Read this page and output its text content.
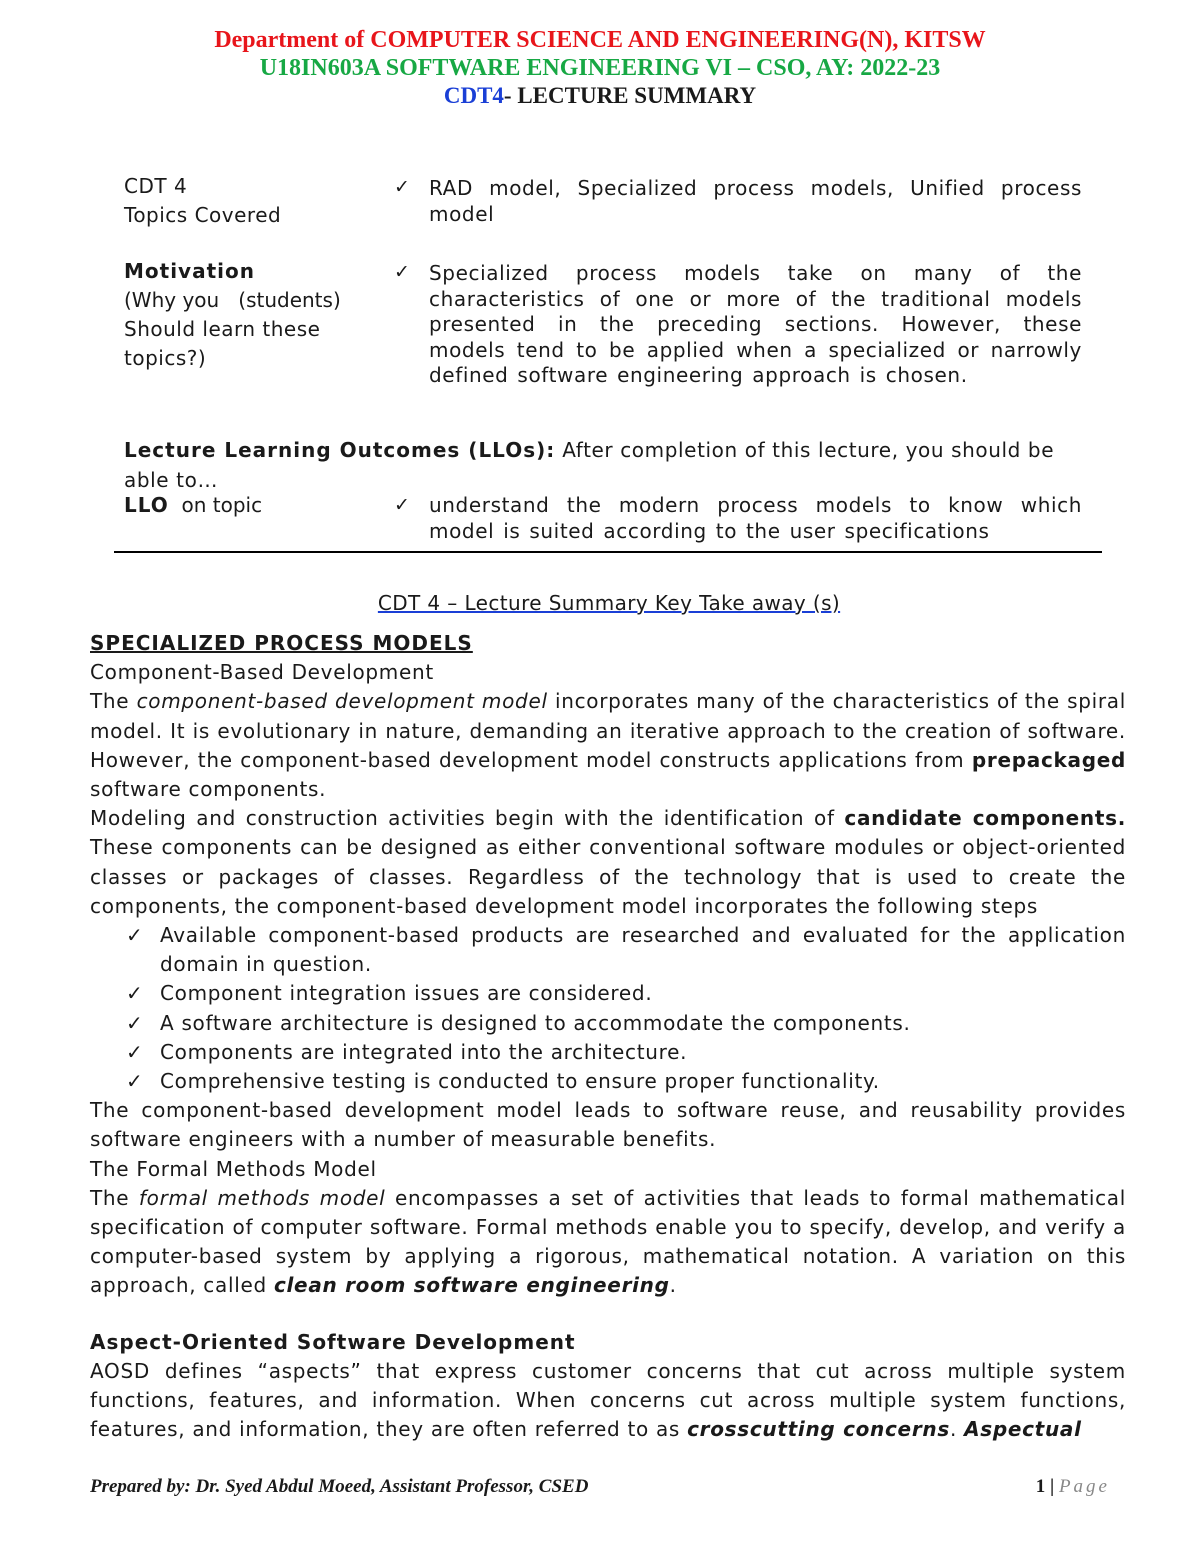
Department of COMPUTER SCIENCE AND ENGINEERING(N), KITSW
U18IN603A SOFTWARE ENGINEERING VI – CSO, AY: 2022-23
CDT4- LECTURE SUMMARY
CDT 4
Topics Covered
✓ RAD model, Specialized process models, Unified process model
Motivation
(Why you   (students)
Should learn these
topics?)
✓ Specialized process models take on many of the characteristics of one or more of the traditional models presented in the preceding sections. However, these models tend to be applied when a specialized or narrowly defined software engineering approach is chosen.
Lecture Learning Outcomes (LLOs): After completion of this lecture, you should be able to…
LLO  on topic	✓ understand the modern process models to know which model is suited according to the user specifications
CDT 4 – Lecture Summary Key Take away (s)

SPECIALIZED PROCESS MODELS

Component-Based Development

The component-based development model incorporates many of the characteristics of the spiral model. It is evolutionary in nature, demanding an iterative approach to the creation of software. However, the component-based development model constructs applications from prepackaged software components.

Modeling and construction activities begin with the identification of candidate components. These components can be designed as either conventional software modules or object-oriented classes or packages of classes. Regardless of the technology that is used to create the components, the component-based development model incorporates the following steps

✓ Available component-based products are researched and evaluated for the application domain in question.
✓ Component integration issues are considered.
✓ A software architecture is designed to accommodate the components.
✓ Components are integrated into the architecture.
✓ Comprehensive testing is conducted to ensure proper functionality.

The component-based development model leads to software reuse, and reusability provides software engineers with a number of measurable benefits.

The Formal Methods Model

The formal methods model encompasses a set of activities that leads to formal mathematical specification of computer software. Formal methods enable you to specify, develop, and verify a computer-based system by applying a rigorous, mathematical notation. A variation on this approach, called clean room software engineering.

Aspect-Oriented Software Development

AOSD defines “aspects” that express customer concerns that cut across multiple system functions, features, and information. When concerns cut across multiple system functions, features, and information, they are often referred to as crosscutting concerns. Aspectual

Prepared by: Dr. Syed Abdul Moeed, Assistant Professor, CSED	1 | Page
